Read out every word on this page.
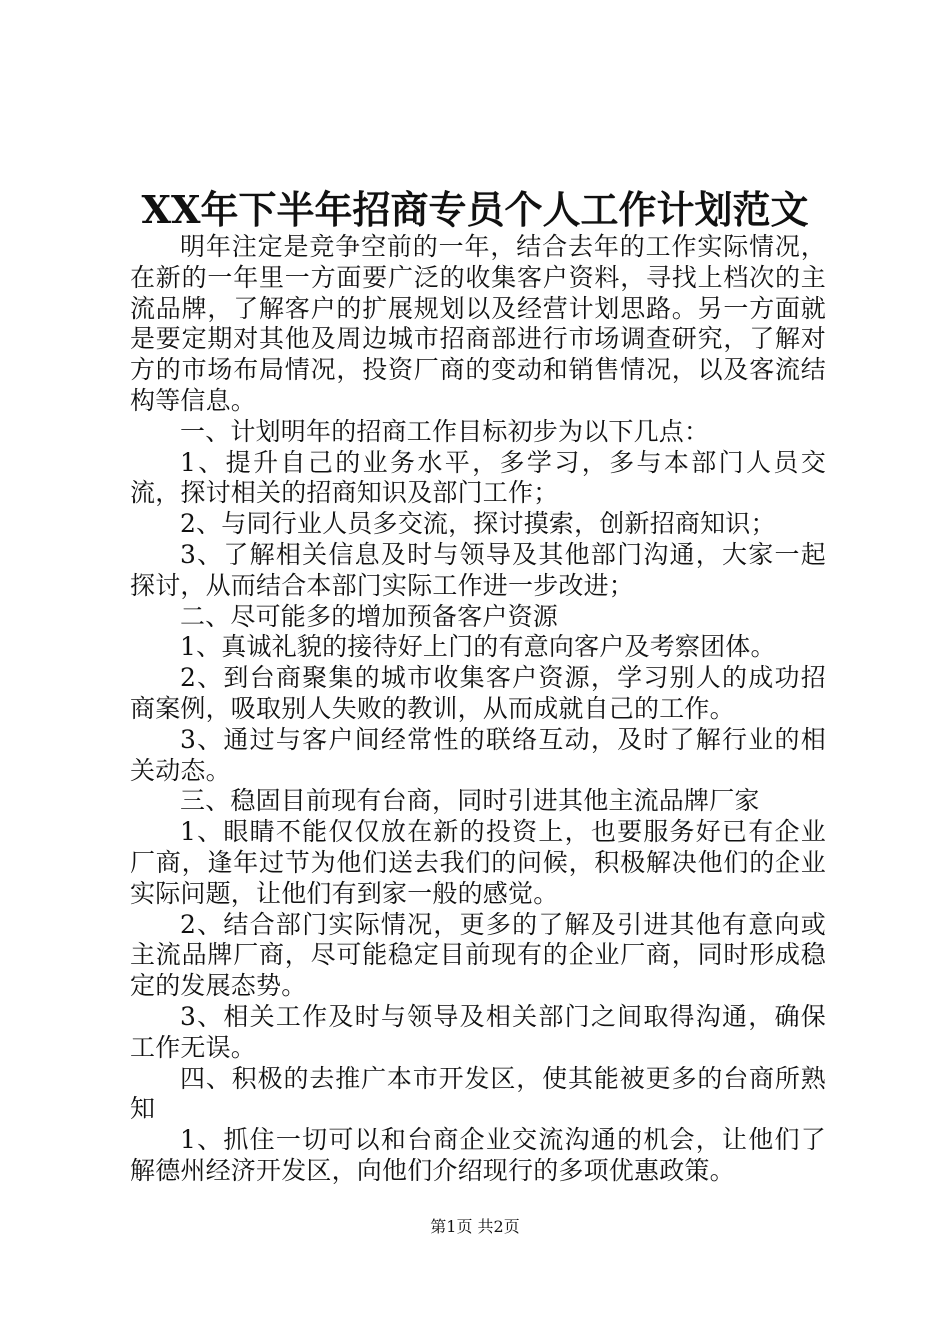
XX年下半年招商专员个人工作计划范文

明年注定是竞争空前的一年，结合去年的工作实际情况，在新的一年里一方面要广泛的收集客户资料，寻找上档次的主流品牌，了解客户的扩展规划以及经营计划思路。另一方面就是要定期对其他及周边城市招商部进行市场调查研究，了解对方的市场布局情况，投资厂商的变动和销售情况，以及客流结构等信息。

一、计划明年的招商工作目标初步为以下几点：

1、提升自己的业务水平，多学习，多与本部门人员交流，探讨相关的招商知识及部门工作；

2、与同行业人员多交流，探讨摸索，创新招商知识；

3、了解相关信息及时与领导及其他部门沟通，大家一起探讨，从而结合本部门实际工作进一步改进；

二、尽可能多的增加预备客户资源

1、真诚礼貌的接待好上门的有意向客户及考察团体。

2、到台商聚集的城市收集客户资源，学习别人的成功招商案例，吸取别人失败的教训，从而成就自己的工作。

3、通过与客户间经常性的联络互动，及时了解行业的相关动态。

三、稳固目前现有台商，同时引进其他主流品牌厂家

1、眼睛不能仅仅放在新的投资上，也要服务好已有企业厂商，逢年过节为他们送去我们的问候，积极解决他们的企业实际问题，让他们有到家一般的感觉。

2、结合部门实际情况，更多的了解及引进其他有意向或主流品牌厂商，尽可能稳定目前现有的企业厂商，同时形成稳定的发展态势。

3、相关工作及时与领导及相关部门之间取得沟通，确保工作无误。

四、积极的去推广本市开发区，使其能被更多的台商所熟知

1、抓住一切可以和台商企业交流沟通的机会，让他们了解德州经济开发区，向他们介绍现行的多项优惠政策。

第1页 共2页
